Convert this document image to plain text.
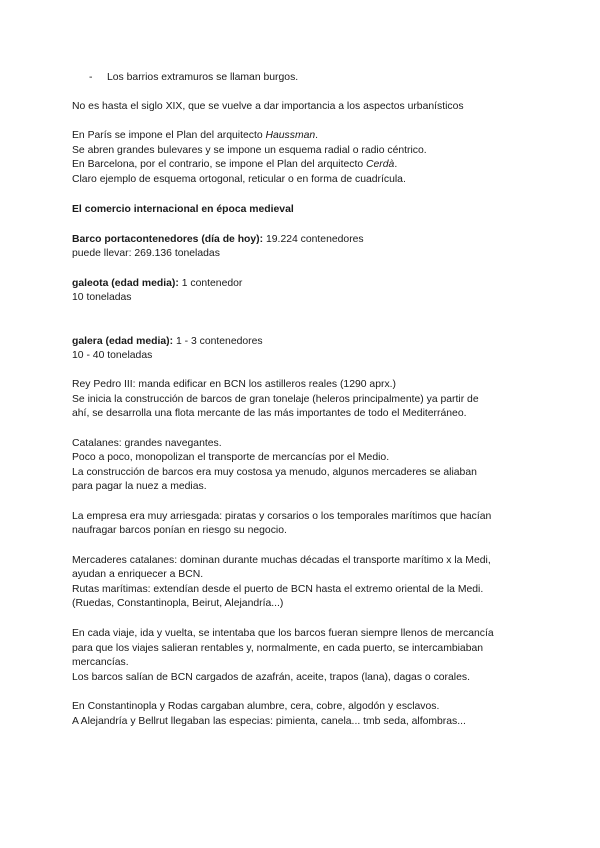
- Los barrios extramuros se llaman burgos.
No es hasta el siglo XIX, que se vuelve a dar importancia a los aspectos urbanísticos
En París se impone el Plan del arquitecto Haussman.
Se abren grandes bulevares y se impone un esquema radial o radio céntrico.
En Barcelona, por el contrario, se impone el Plan del arquitecto Cerdà.
Claro ejemplo de esquema ortogonal, reticular o en forma de cuadrícula.
El comercio internacional en época medieval
Barco portacontenedores (día de hoy): 19.224 contenedores
puede llevar: 269.136 toneladas
galeota (edad media): 1 contenedor
10 toneladas
galera (edad media): 1 - 3 contenedores
10 - 40 toneladas
Rey Pedro III: manda edificar en BCN los astilleros reales (1290 aprx.)
Se inicia la construcción de barcos de gran tonelaje (heleros principalmente) ya partir de
ahí, se desarrolla una flota mercante de las más importantes de todo el Mediterráneo.
Catalanes: grandes navegantes.
Poco a poco, monopolizan el transporte de mercancías por el Medio.
La construcción de barcos era muy costosa ya menudo, algunos mercaderes se aliaban
para pagar la nuez a medias.
La empresa era muy arriesgada: piratas y corsarios o los temporales marítimos que hacían
naufragar barcos ponían en riesgo su negocio.
Mercaderes catalanes: dominan durante muchas décadas el transporte marítimo x la Medi,
ayudan a enriquecer a BCN.
Rutas marítimas: extendían desde el puerto de BCN hasta el extremo oriental de la Medi.
(Ruedas, Constantinopla, Beirut, Alejandría...)
En cada viaje, ida y vuelta, se intentaba que los barcos fueran siempre llenos de mercancía
para que los viajes salieran rentables y, normalmente, en cada puerto, se intercambiaban
mercancías.
Los barcos salían de BCN cargados de azafrán, aceite, trapos (lana), dagas o corales.
En Constantinopla y Rodas cargaban alumbre, cera, cobre, algodón y esclavos.
A Alejandría y Bellrut llegaban las especias: pimienta, canela... tmb seda, alfombras...
